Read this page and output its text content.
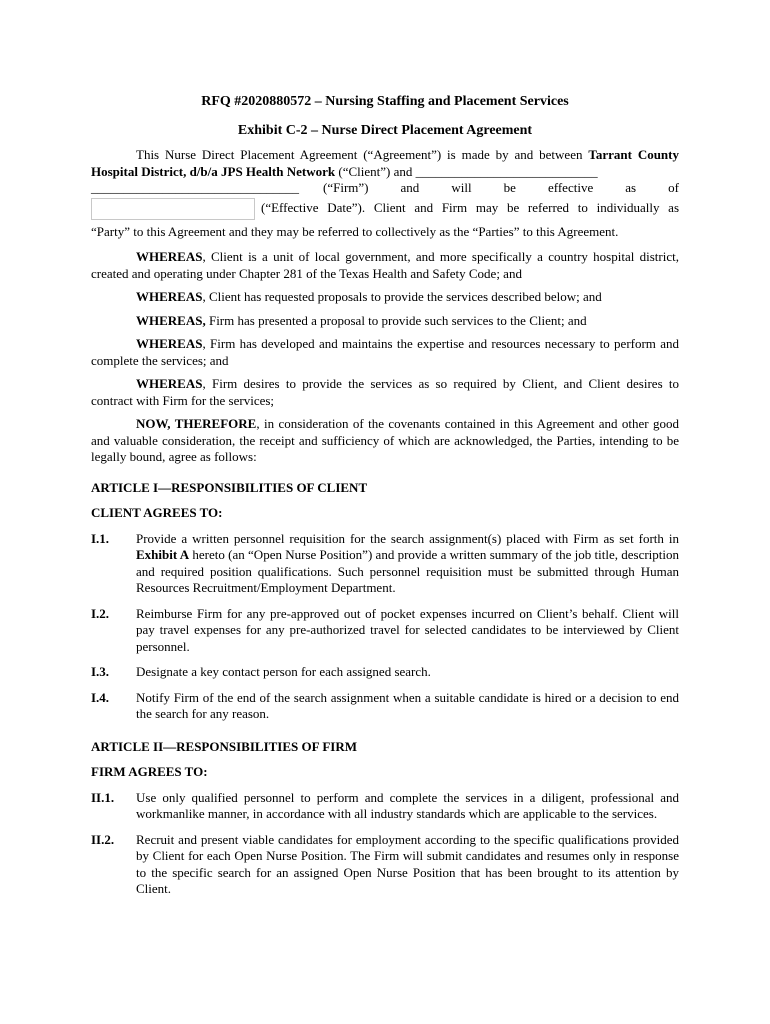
RFQ #2020880572 – Nursing Staffing and Placement Services
Exhibit C-2 – Nurse Direct Placement Agreement

This Nurse Direct Placement Agreement (“Agreement”) is made by and between Tarrant County Hospital District, d/b/a JPS Health Network (“Client”) and ____________________________

________________________________ (“Firm”) and will be effective as of
(“Effective Date”). Client and Firm may be referred to individually as

“Party” to this Agreement and they may be referred to collectively as the “Parties” to this Agreement.

WHEREAS, Client is a unit of local government, and more specifically a country hospital district, created and operating under Chapter 281 of the Texas Health and Safety Code; and

WHEREAS, Client has requested proposals to provide the services described below; and

WHEREAS, Firm has presented a proposal to provide such services to the Client; and

WHEREAS, Firm has developed and maintains the expertise and resources necessary to perform and complete the services; and

WHEREAS, Firm desires to provide the services as so required by Client, and Client desires to contract with Firm for the services;

NOW, THEREFORE, in consideration of the covenants contained in this Agreement and other good and valuable consideration, the receipt and sufficiency of which are acknowledged, the Parties, intending to be legally bound, agree as follows:

ARTICLE I—RESPONSIBILITIES OF CLIENT
CLIENT AGREES TO:
I.1.	Provide a written personnel requisition for the search assignment(s) placed with Firm as set forth in Exhibit A hereto (an “Open Nurse Position”) and provide a written summary of the job title, description and required position qualifications. Such personnel requisition must be submitted through Human Resources Recruitment/Employment Department.
I.2.	Reimburse Firm for any pre-approved out of pocket expenses incurred on Client’s behalf. Client will pay travel expenses for any pre-authorized travel for selected candidates to be interviewed by Client personnel.
I.3.	Designate a key contact person for each assigned search.
I.4.	Notify Firm of the end of the search assignment when a suitable candidate is hired or a decision to end the search for any reason.
ARTICLE II—RESPONSIBILITIES OF FIRM
FIRM AGREES TO:
II.1.	Use only qualified personnel to perform and complete the services in a diligent, professional and workmanlike manner, in accordance with all industry standards which are applicable to the services.
II.2.	Recruit and present viable candidates for employment according to the specific qualifications provided by Client for each Open Nurse Position. The Firm will submit candidates and resumes only in response to the specific search for an assigned Open Nurse Position that has been brought to its attention by Client.
